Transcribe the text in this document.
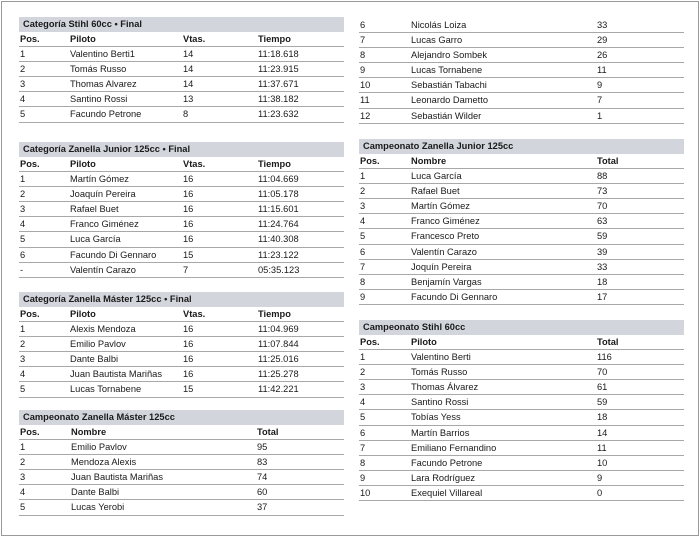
Categoría Stihl 60cc • Final
Pos.	Piloto	Vtas.	Tiempo
1	Valentino Berti1	14	11:18.618
2	Tomás Russo	14	11:23.915
3	Thomas Alvarez	14	11:37.671
4	Santino Rossi	13	11:38.182
5	Facundo Petrone	8	11:23.632
Categoría Zanella Junior 125cc • Final
Pos.	Piloto	Vtas.	Tiempo
1	Martín Gómez	16	11:04.669
2	Joaquín Pereira	16	11:05.178
3	Rafael Buet	16	11:15.601
4	Franco Giménez	16	11:24.764
5	Luca García	16	11:40.308
6	Facundo Di Gennaro	15	11:23.122
-	Valentín Carazo	7	05:35.123
Categoría Zanella Máster 125cc • Final
Pos.	Piloto	Vtas.	Tiempo
1	Alexis Mendoza	16	11:04.969
2	Emilio Pavlov	16	11:07.844
3	Dante Balbi	16	11:25.016
4	Juan Bautista Mariñas 16	11:25.278
5	Lucas Tornabene	15	11:42.221
Campeonato Zanella Máster 125cc
Pos.	Nombre	Total
1	Emilio Pavlov	95
2	Mendoza Alexis	83
3	Juan Bautista Mariñas	74
4	Dante Balbi	60
5	Lucas Yerobi	37
6	Nicolás Loiza	33
7	Lucas Garro	29
8	Alejandro Sombek	26
9	Lucas Tornabene	11
10	Sebastián Tabachi	9
11	Leonardo Dametto	7
12	Sebastián Wilder	1
Campeonato Zanella Junior 125cc
Pos.	Nombre	Total
1	Luca García	88
2	Rafael Buet	73
3	Martín Gómez	70
4	Franco Giménez	63
5	Francesco Preto	59
6	Valentín Carazo	39
7	Joquín Pereira	33
8	Benjamín Vargas	18
9	Facundo Di Gennaro	17
Campeonato Stihl 60cc
Pos.	Piloto	Total
1	Valentino Berti	116
2	Tomás Russo	70
3	Thomas Álvarez	61
4	Santino Rossi	59
5	Tobías Yess	18
6	Martín Barrios	14
7	Emiliano Fernandino	11
8	Facundo Petrone	10
9	Lara Rodríguez	9
10	Exequiel Villareal	0
